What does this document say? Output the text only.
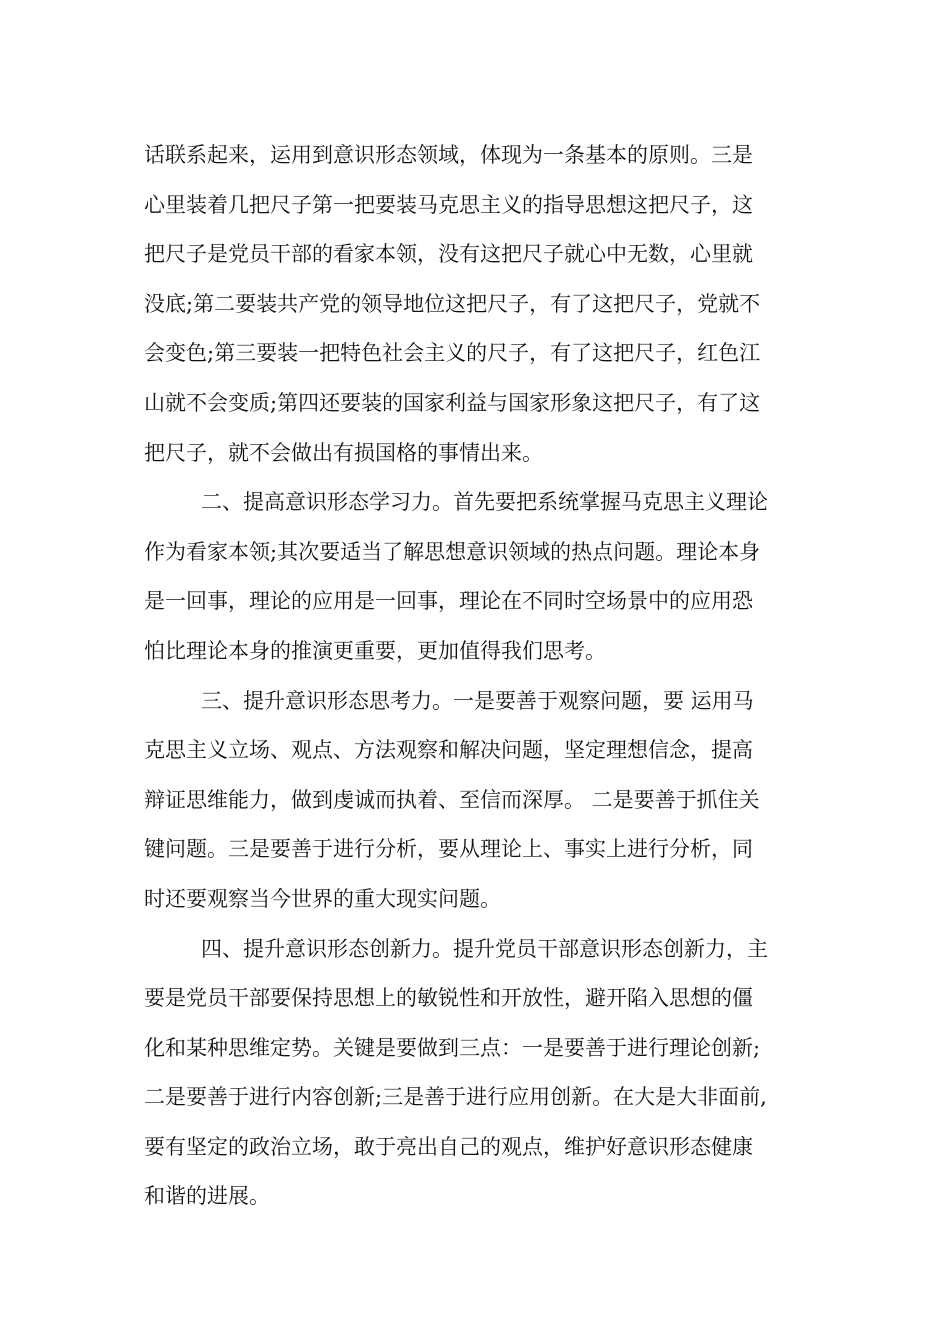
话联系起来，运用到意识形态领域，体现为一条基本的原则。三是
心里装着几把尺子第一把要装马克思主义的指导思想这把尺子，这
把尺子是党员干部的看家本领，没有这把尺子就心中无数，心里就
没底;第二要装共产党的领导地位这把尺子，有了这把尺子，党就不
会变色;第三要装一把特色社会主义的尺子，有了这把尺子，红色江
山就不会变质;第四还要装的国家利益与国家形象这把尺子，有了这
把尺子，就不会做出有损国格的事情出来。
二、提高意识形态学习力。首先要把系统掌握马克思主义理论
作为看家本领;其次要适当了解思想意识领域的热点问题。理论本身
是一回事，理论的应用是一回事，理论在不同时空场景中的应用恐
怕比理论本身的推演更重要，更加值得我们思考。
三、提升意识形态思考力。一是要善于观察问题，要 运用马
克思主义立场、观点、方法观察和解决问题，坚定理想信念，提高
辩证思维能力，做到虔诚而执着、至信而深厚。 二是要善于抓住关
键问题。三是要善于进行分析，要从理论上、事实上进行分析，同
时还要观察当今世界的重大现实问题。
四、提升意识形态创新力。提升党员干部意识形态创新力，主
要是党员干部要保持思想上的敏锐性和开放性，避开陷入思想的僵
化和某种思维定势。关键是要做到三点：一是要善于进行理论创新;
二是要善于进行内容创新;三是善于进行应用创新。在大是大非面前,
要有坚定的政治立场，敢于亮出自己的观点，维护好意识形态健康
和谐的进展。
